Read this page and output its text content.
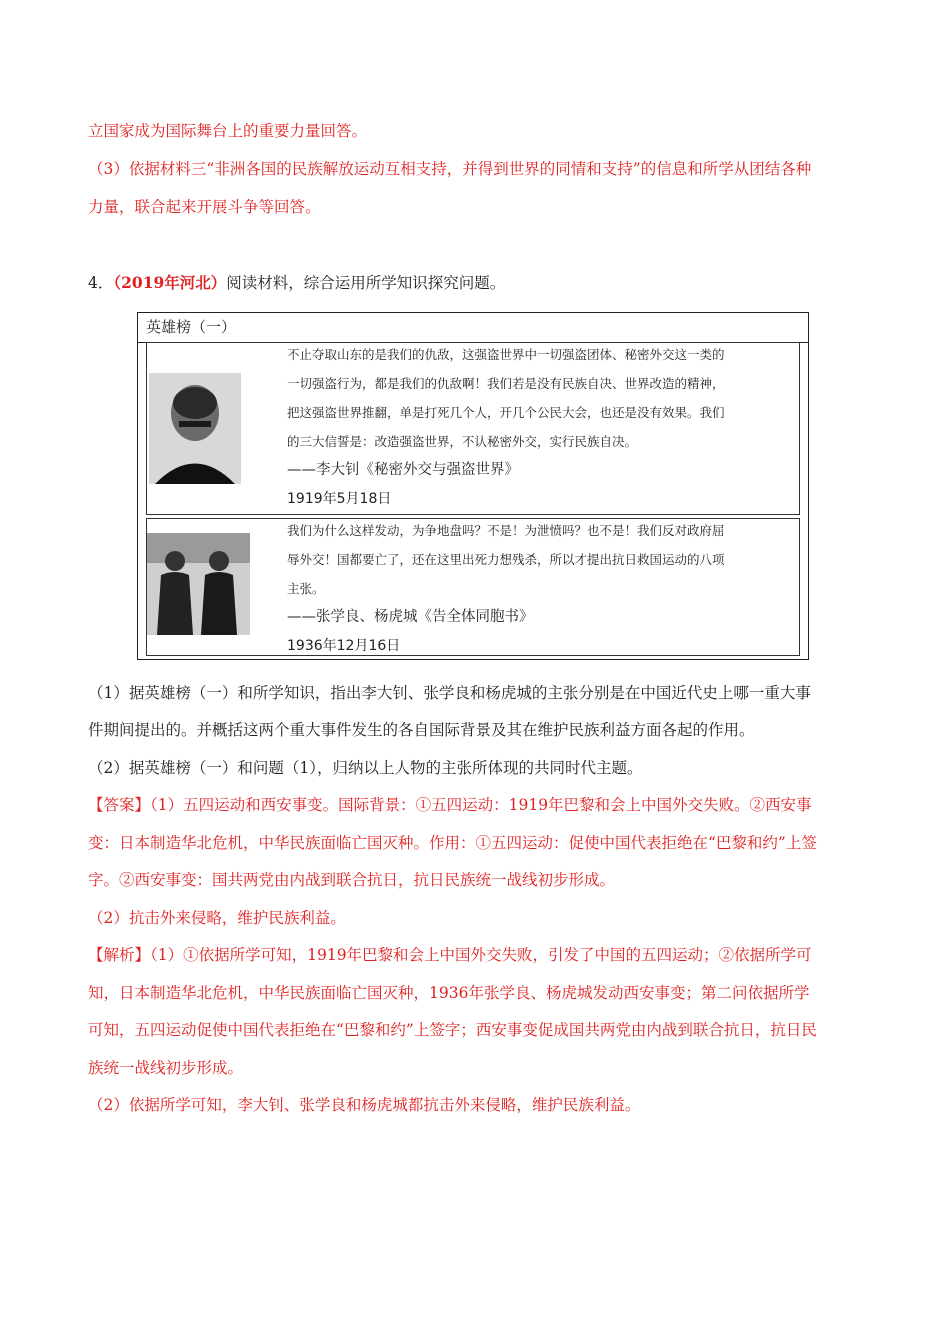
立国家成为国际舞台上的重要力量回答。
（3）依据材料三“非洲各国的民族解放运动互相支持，并得到世界的同情和支持”的信息和所学从团结各种
力量，联合起来开展斗争等回答。
4．（2019年河北）阅读材料，综合运用所学知识探究问题。
英雄榜（一）
不止夺取山东的是我们的仇敌，这强盗世界中一切强盗团体、秘密外交这一类的
一切强盗行为，都是我们的仇敌啊！我们若是没有民族自决、世界改造的精神，
把这强盗世界推翻，单是打死几个人，开几个公民大会，也还是没有效果。我们
的三大信誓是：改造强盗世界，不认秘密外交，实行民族自决。
——李大钊《秘密外交与强盗世界》
1919年5月18日
我们为什么这样发动，为争地盘吗？不是！为泄愤吗？也不是！我们反对政府屈
辱外交！国都要亡了，还在这里出死力想残杀，所以才提出抗日救国运动的八项
主张。
——张学良、杨虎城《告全体同胞书》
1936年12月16日
（1）据英雄榜（一）和所学知识，指出李大钊、张学良和杨虎城的主张分别是在中国近代史上哪一重大事
件期间提出的。并概括这两个重大事件发生的各自国际背景及其在维护民族利益方面各起的作用。
（2）据英雄榜（一）和问题（1），归纳以上人物的主张所体现的共同时代主题。
【答案】（1）五四运动和西安事变。国际背景：①五四运动：1919年巴黎和会上中国外交失败。②西安事
变：日本制造华北危机，中华民族面临亡国灭种。作用：①五四运动：促使中国代表拒绝在“巴黎和约”上签
字。②西安事变：国共两党由内战到联合抗日，抗日民族统一战线初步形成。
（2）抗击外来侵略，维护民族利益。
【解析】（1）①依据所学可知，1919年巴黎和会上中国外交失败，引发了中国的五四运动；②依据所学可
知，日本制造华北危机，中华民族面临亡国灭种，1936年张学良、杨虎城发动西安事变；第二问依据所学
可知，五四运动促使中国代表拒绝在“巴黎和约”上签字；西安事变促成国共两党由内战到联合抗日，抗日民
族统一战线初步形成。
（2）依据所学可知，李大钊、张学良和杨虎城都抗击外来侵略，维护民族利益。
